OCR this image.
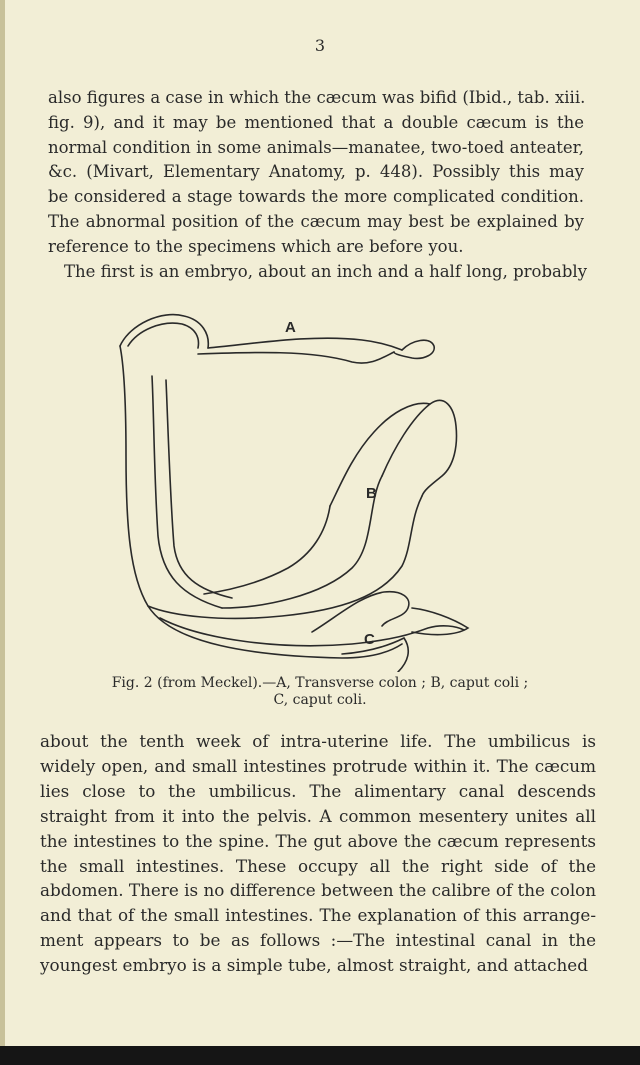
3

also figures a case in which the cæcum was bifid (Ibid., tab. xiii.
fig. 9), and it may be mentioned that a double cæcum is the
normal condition in some animals—manatee, two-toed anteater,
&c. (Mivart, Elementary Anatomy, p. 448). Possibly this may
be considered a stage towards the more complicated condition.
The abnormal position of the cæcum may best be explained by
reference to the specimens which are before you.
The first is an embryo, about an inch and a half long, probably

A
B
C
Fig. 2 (from Meckel).—A, Transverse colon ; B, caput coli ;
C, caput coli.

about the tenth week of intra-uterine life. The umbilicus is
widely open, and small intestines protrude within it. The cæcum
lies close to the umbilicus. The alimentary canal descends
straight from it into the pelvis. A common mesentery unites all
the intestines to the spine. The gut above the cæcum represents
the small intestines. These occupy all the right side of the
abdomen. There is no difference between the calibre of the colon
and that of the small intestines. The explanation of this arrange-
ment appears to be as follows :—The intestinal canal in the
youngest embryo is a simple tube, almost straight, and attached
